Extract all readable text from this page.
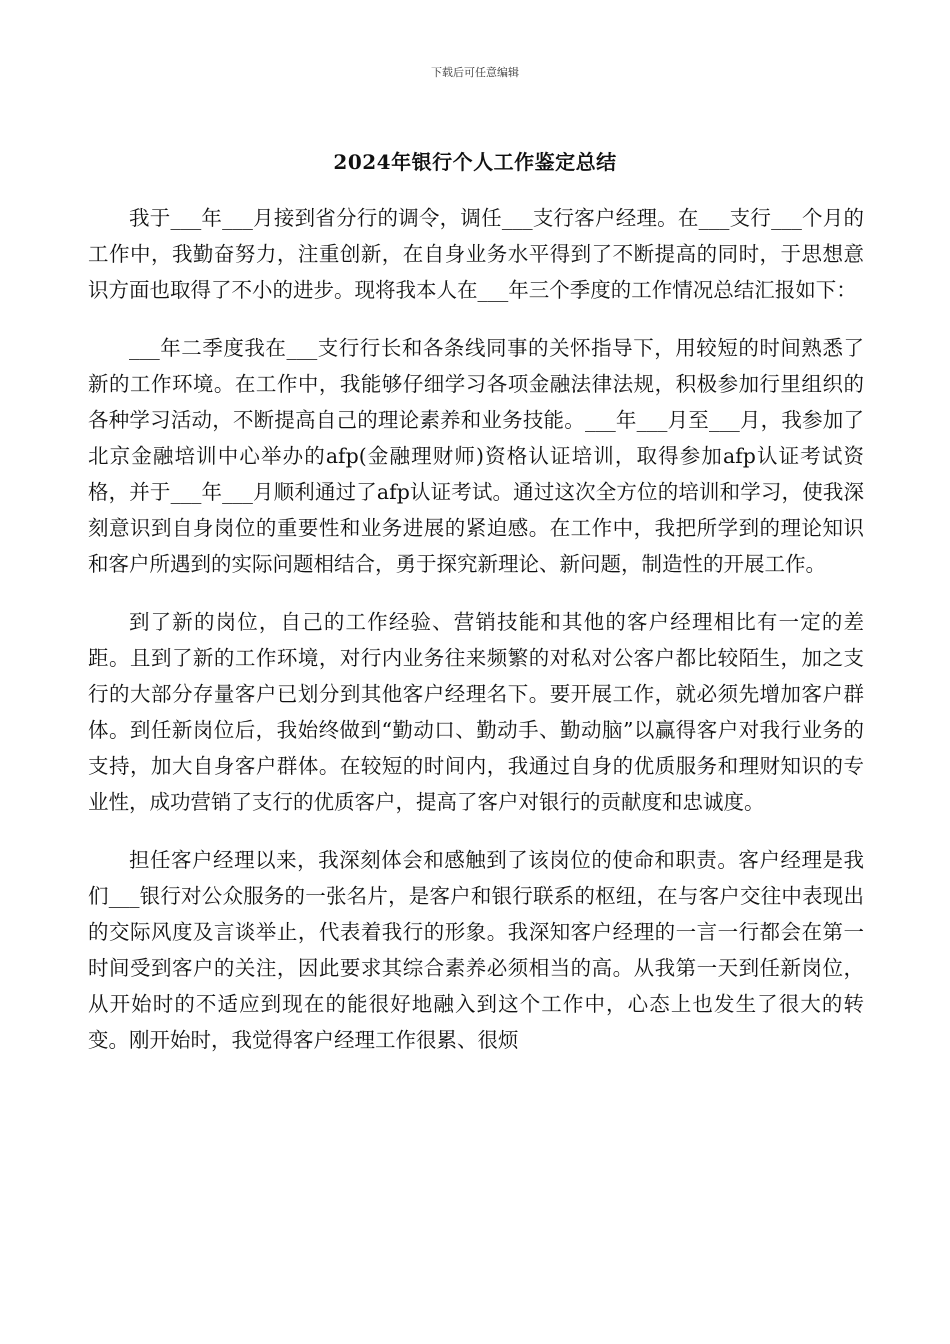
下载后可任意编辑
2024年银行个人工作鉴定总结

我于___年___月接到省分行的调令，调任___支行客户经理。在___支行___个月的工作中，我勤奋努力，注重创新，在自身业务水平得到了不断提高的同时，于思想意识方面也取得了不小的进步。现将我本人在___年三个季度的工作情况总结汇报如下：

___年二季度我在___支行行长和各条线同事的关怀指导下，用较短的时间熟悉了新的工作环境。在工作中，我能够仔细学习各项金融法律法规，积极参加行里组织的各种学习活动，不断提高自己的理论素养和业务技能。___年___月至___月，我参加了北京金融培训中心举办的afp(金融理财师)资格认证培训，取得参加afp认证考试资格，并于___年___月顺利通过了afp认证考试。通过这次全方位的培训和学习，使我深刻意识到自身岗位的重要性和业务进展的紧迫感。在工作中，我把所学到的理论知识和客户所遇到的实际问题相结合，勇于探究新理论、新问题，制造性的开展工作。

到了新的岗位，自己的工作经验、营销技能和其他的客户经理相比有一定的差距。且到了新的工作环境，对行内业务往来频繁的对私对公客户都比较陌生，加之支行的大部分存量客户已划分到其他客户经理名下。要开展工作，就必须先增加客户群体。到任新岗位后，我始终做到“勤动口、勤动手、勤动脑”以赢得客户对我行业务的支持，加大自身客户群体。在较短的时间内，我通过自身的优质服务和理财知识的专业性，成功营销了支行的优质客户，提高了客户对银行的贡献度和忠诚度。

担任客户经理以来，我深刻体会和感触到了该岗位的使命和职责。客户经理是我们___银行对公众服务的一张名片，是客户和银行联系的枢纽，在与客户交往中表现出的交际风度及言谈举止，代表着我行的形象。我深知客户经理的一言一行都会在第一时间受到客户的关注，因此要求其综合素养必须相当的高。从我第一天到任新岗位，从开始时的不适应到现在的能很好地融入到这个工作中，心态上也发生了很大的转变。刚开始时，我觉得客户经理工作很累、很烦
